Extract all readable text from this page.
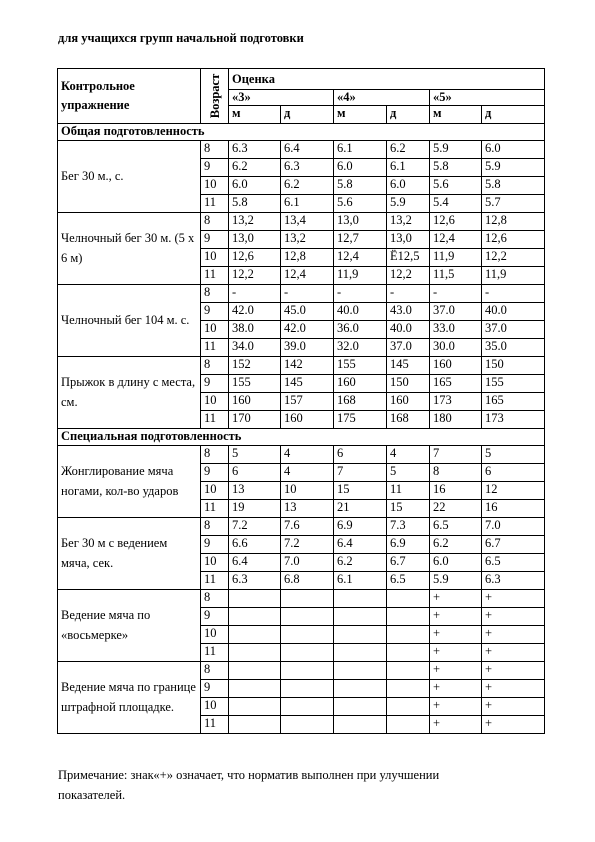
для учащихся групп начальной подготовки
Контрольное упражнение	Возраст	Оценка					
		«3»		«4»		«5»	
		м	д	м	д	м	д
Общая подготовленность							
Бег 30 м., с.	8	6.3	6.4	6.1	6.2	5.9	6.0
	9	6.2	6.3	6.0	6.1	5.8	5.9
	10	6.0	6.2	5.8	6.0	5.6	5.8
	11	5.8	6.1	5.6	5.9	5.4	5.7
Челночный бег 30 м. (5 х 6 м)	8	13,2	13,4	13,0	13,2	12,6	12,8
	9	13,0	13,2	12,7	13,0	12,4	12,6
	10	12,6	12,8	12,4	Ё12,5	11,9	12,2
	11	12,2	12,4	11,9	12,2	11,5	11,9
Челночный бег 104 м. с.	8	-	-	-	-	-	-
	9	42.0	45.0	40.0	43.0	37.0	40.0
	10	38.0	42.0	36.0	40.0	33.0	37.0
	11	34.0	39.0	32.0	37.0	30.0	35.0
Прыжок в длину с места, см.	8	152	142	155	145	160	150
	9	155	145	160	150	165	155
	10	160	157	168	160	173	165
	11	170	160	175	168	180	173
Специальная подготовленность							
Жонглирование мяча ногами, кол-во ударов	8	5	4	6	4	7	5
	9	6	4	7	5	8	6
	10	13	10	15	11	16	12
	11	19	13	21	15	22	16
Бег 30 м с ведением мяча, сек.	8	7.2	7.6	6.9	7.3	6.5	7.0
	9	6.6	7.2	6.4	6.9	6.2	6.7
	10	6.4	7.0	6.2	6.7	6.0	6.5
	11	6.3	6.8	6.1	6.5	5.9	6.3
Ведение мяча по «восьмерке»	8					+	+
	9					+	+
	10					+	+
	11					+	+
Ведение мяча по границе штрафной площадке.	8					+	+
	9					+	+
	10					+	+
	11					+	+
Примечание: знак«+» означает, что норматив выполнен при улучшении показателей.
